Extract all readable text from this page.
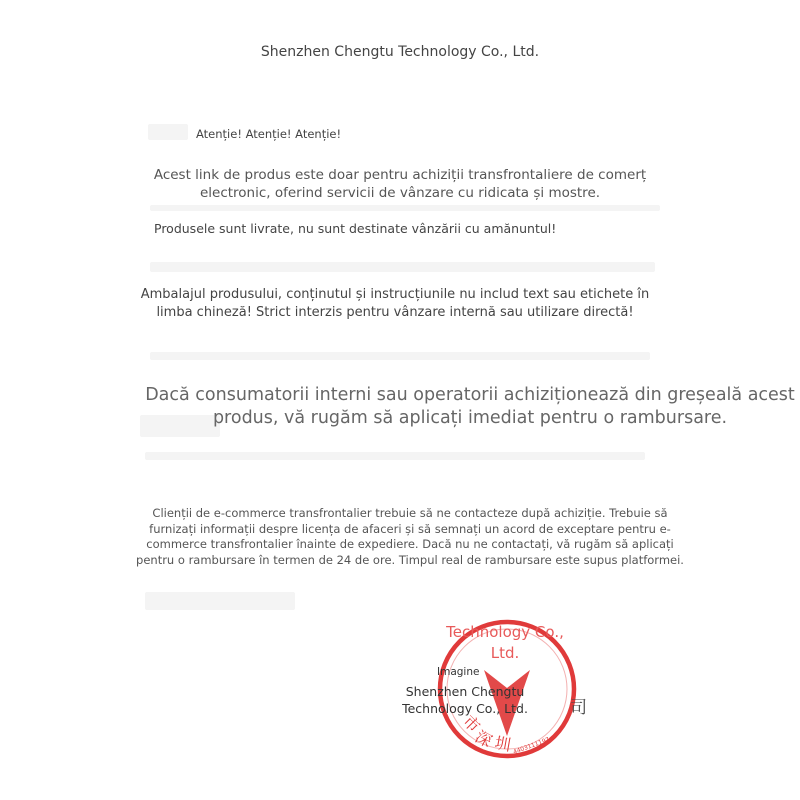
Shenzhen Chengtu Technology Co., Ltd.
Atenție! Atenție! Atenție!
Acest link de produs este doar pentru achiziții transfrontaliere de comerț electronic, oferind servicii de vânzare cu ridicata și mostre.
Produsele sunt livrate, nu sunt destinate vânzării cu amănuntul!
Ambalajul produsului, conținutul și instrucțiunile nu includ text sau etichete în limba chineză! Strict interzis pentru vânzare internă sau utilizare directă!
Dacă consumatorii interni sau operatorii achiziționează din greșeală acest produs, vă rugăm să aplicați imediat pentru o rambursare.
Clienții de e-commerce transfrontalier trebuie să ne contacteze după achiziție. Trebuie să furnizați informații despre licența de afaceri și să semnați un acord de exceptare pentru e-commerce transfrontalier înainte de expediere. Dacă nu ne contactați, vă rugăm să aplicați pentru o rambursare în termen de 24 de ore. Timpul real de rambursare este supus platformei.
深
圳
市
4403111197
Technology Co., Ltd.
Imagine
Shenzhen Chengtu Technology Co., Ltd.	司
